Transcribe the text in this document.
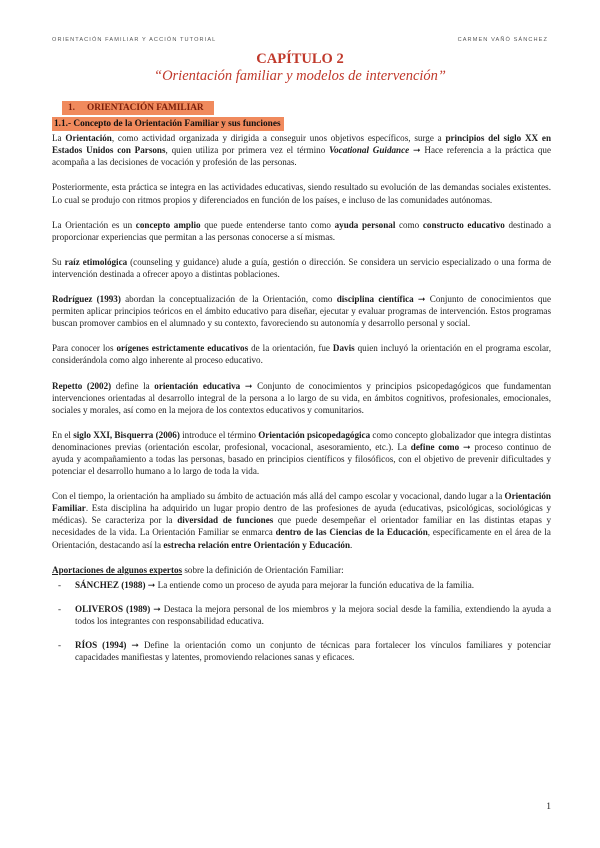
ORIENTACIÓN FAMILIAR Y ACCIÓN TUTORIAL	CARMEN VAÑÓ SÁNCHEZ
CAPÍTULO 2
“Orientación familiar y modelos de intervención”
1. ORIENTACIÓN FAMILIAR
1.1.- Concepto de la Orientación Familiar y sus funciones

La Orientación, como actividad organizada y dirigida a conseguir unos objetivos específicos, surge a principios del siglo XX en Estados Unidos con Parsons, quien utiliza por primera vez el término Vocational Guidance ➞ Hace referencia a la práctica que acompaña a las decisiones de vocación y profesión de las personas.

Posteriormente, esta práctica se integra en las actividades educativas, siendo resultado su evolución de las demandas sociales existentes. Lo cual se produjo con ritmos propios y diferenciados en función de los países, e incluso de las comunidades autónomas.

La Orientación es un concepto amplio que puede entenderse tanto como ayuda personal como constructo educativo destinado a proporcionar experiencias que permitan a las personas conocerse a sí mismas.

Su raíz etimológica (counseling y guidance) alude a guía, gestión o dirección. Se considera un servicio especializado o una forma de intervención destinada a ofrecer apoyo a distintas poblaciones.

Rodríguez (1993) abordan la conceptualización de la Orientación, como disciplina científica ➞ Conjunto de conocimientos que permiten aplicar principios teóricos en el ámbito educativo para diseñar, ejecutar y evaluar programas de intervención. Estos programas buscan promover cambios en el alumnado y su contexto, favoreciendo su autonomía y desarrollo personal y social.

Para conocer los orígenes estrictamente educativos de la orientación, fue Davis quien incluyó la orientación en el programa escolar, considerándola como algo inherente al proceso educativo.

Repetto (2002) define la orientación educativa ➞ Conjunto de conocimientos y principios psicopedagógicos que fundamentan intervenciones orientadas al desarrollo integral de la persona a lo largo de su vida, en ámbitos cognitivos, profesionales, emocionales, sociales y morales, así como en la mejora de los contextos educativos y comunitarios.

En el siglo XXI, Bisquerra (2006) introduce el término Orientación psicopedagógica como concepto globalizador que integra distintas denominaciones previas (orientación escolar, profesional, vocacional, asesoramiento, etc.). La define como ➞ proceso continuo de ayuda y acompañamiento a todas las personas, basado en principios científicos y filosóficos, con el objetivo de prevenir dificultades y potenciar el desarrollo humano a lo largo de toda la vida.

Con el tiempo, la orientación ha ampliado su ámbito de actuación más allá del campo escolar y vocacional, dando lugar a la Orientación Familiar. Esta disciplina ha adquirido un lugar propio dentro de las profesiones de ayuda (educativas, psicológicas, sociológicas y médicas). Se caracteriza por la diversidad de funciones que puede desempeñar el orientador familiar en las distintas etapas y necesidades de la vida. La Orientación Familiar se enmarca dentro de las Ciencias de la Educación, específicamente en el área de la Orientación, destacando así la estrecha relación entre Orientación y Educación.

Aportaciones de algunos expertos sobre la definición de Orientación Familiar:

- SÁNCHEZ (1988) ➞ La entiende como un proceso de ayuda para mejorar la función educativa de la familia.
- OLIVEROS (1989) ➞ Destaca la mejora personal de los miembros y la mejora social desde la familia, extendiendo la ayuda a todos los integrantes con responsabilidad educativa.
- RÍOS (1994) ➞ Define la orientación como un conjunto de técnicas para fortalecer los vínculos familiares y potenciar capacidades manifiestas y latentes, promoviendo relaciones sanas y eficaces.
1
